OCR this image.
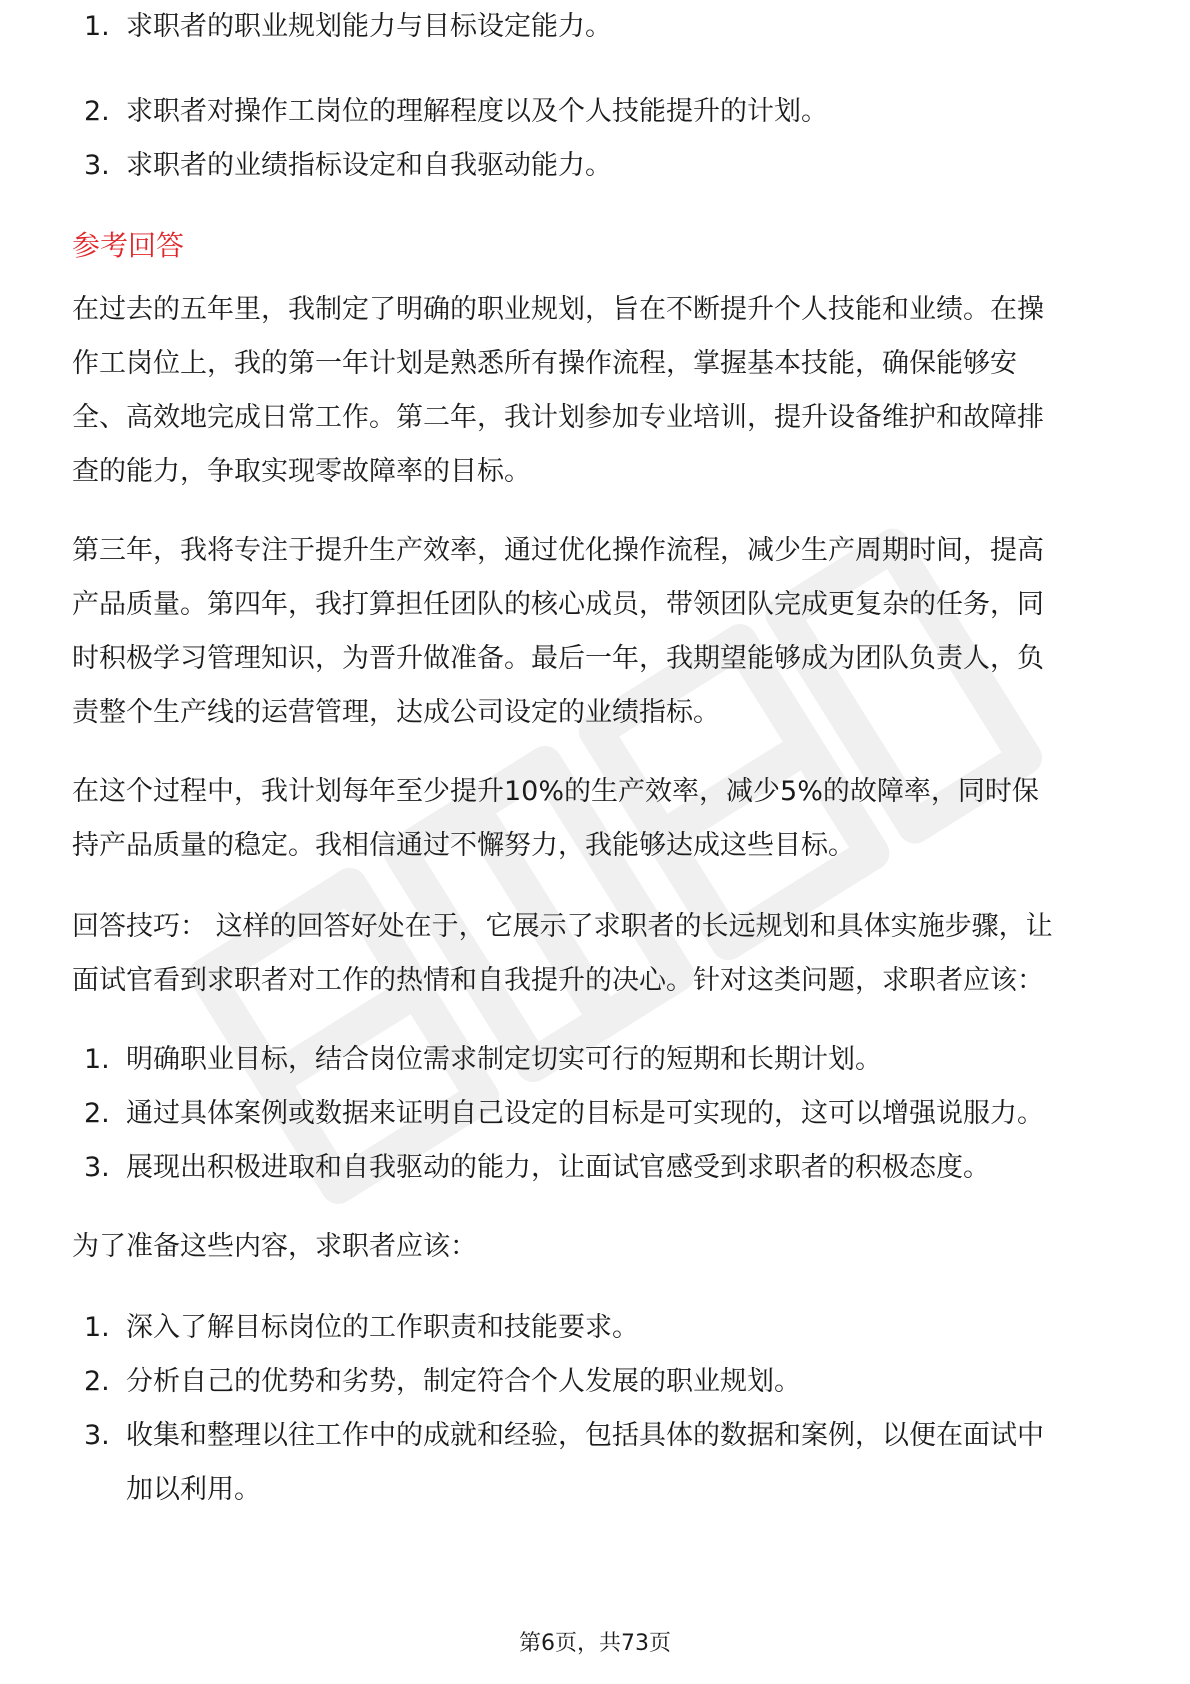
1. 求职者的职业规划能力与目标设定能力。
2. 求职者对操作工岗位的理解程度以及个人技能提升的计划。
3. 求职者的业绩指标设定和自我驱动能力。
参考回答
在过去的五年里，我制定了明确的职业规划，旨在不断提升个人技能和业绩。在操
作工岗位上，我的第一年计划是熟悉所有操作流程，掌握基本技能，确保能够安
全、高效地完成日常工作。第二年，我计划参加专业培训，提升设备维护和故障排
查的能力，争取实现零故障率的目标。
第三年，我将专注于提升生产效率，通过优化操作流程，减少生产周期时间，提高
产品质量。第四年，我打算担任团队的核心成员，带领团队完成更复杂的任务，同
时积极学习管理知识，为晋升做准备。最后一年，我期望能够成为团队负责人，负
责整个生产线的运营管理，达成公司设定的业绩指标。
在这个过程中，我计划每年至少提升10%的生产效率，减少5%的故障率，同时保
持产品质量的稳定。我相信通过不懈努力，我能够达成这些目标。
回答技巧： 这样的回答好处在于，它展示了求职者的长远规划和具体实施步骤，让
面试官看到求职者对工作的热情和自我提升的决心。针对这类问题，求职者应该：
1. 明确职业目标，结合岗位需求制定切实可行的短期和长期计划。
2. 通过具体案例或数据来证明自己设定的目标是可实现的，这可以增强说服力。
3. 展现出积极进取和自我驱动的能力，让面试官感受到求职者的积极态度。
为了准备这些内容，求职者应该：
1. 深入了解目标岗位的工作职责和技能要求。
2. 分析自己的优势和劣势，制定符合个人发展的职业规划。
3. 收集和整理以往工作中的成就和经验，包括具体的数据和案例，以便在面试中
加以利用。
第6页，共73页
